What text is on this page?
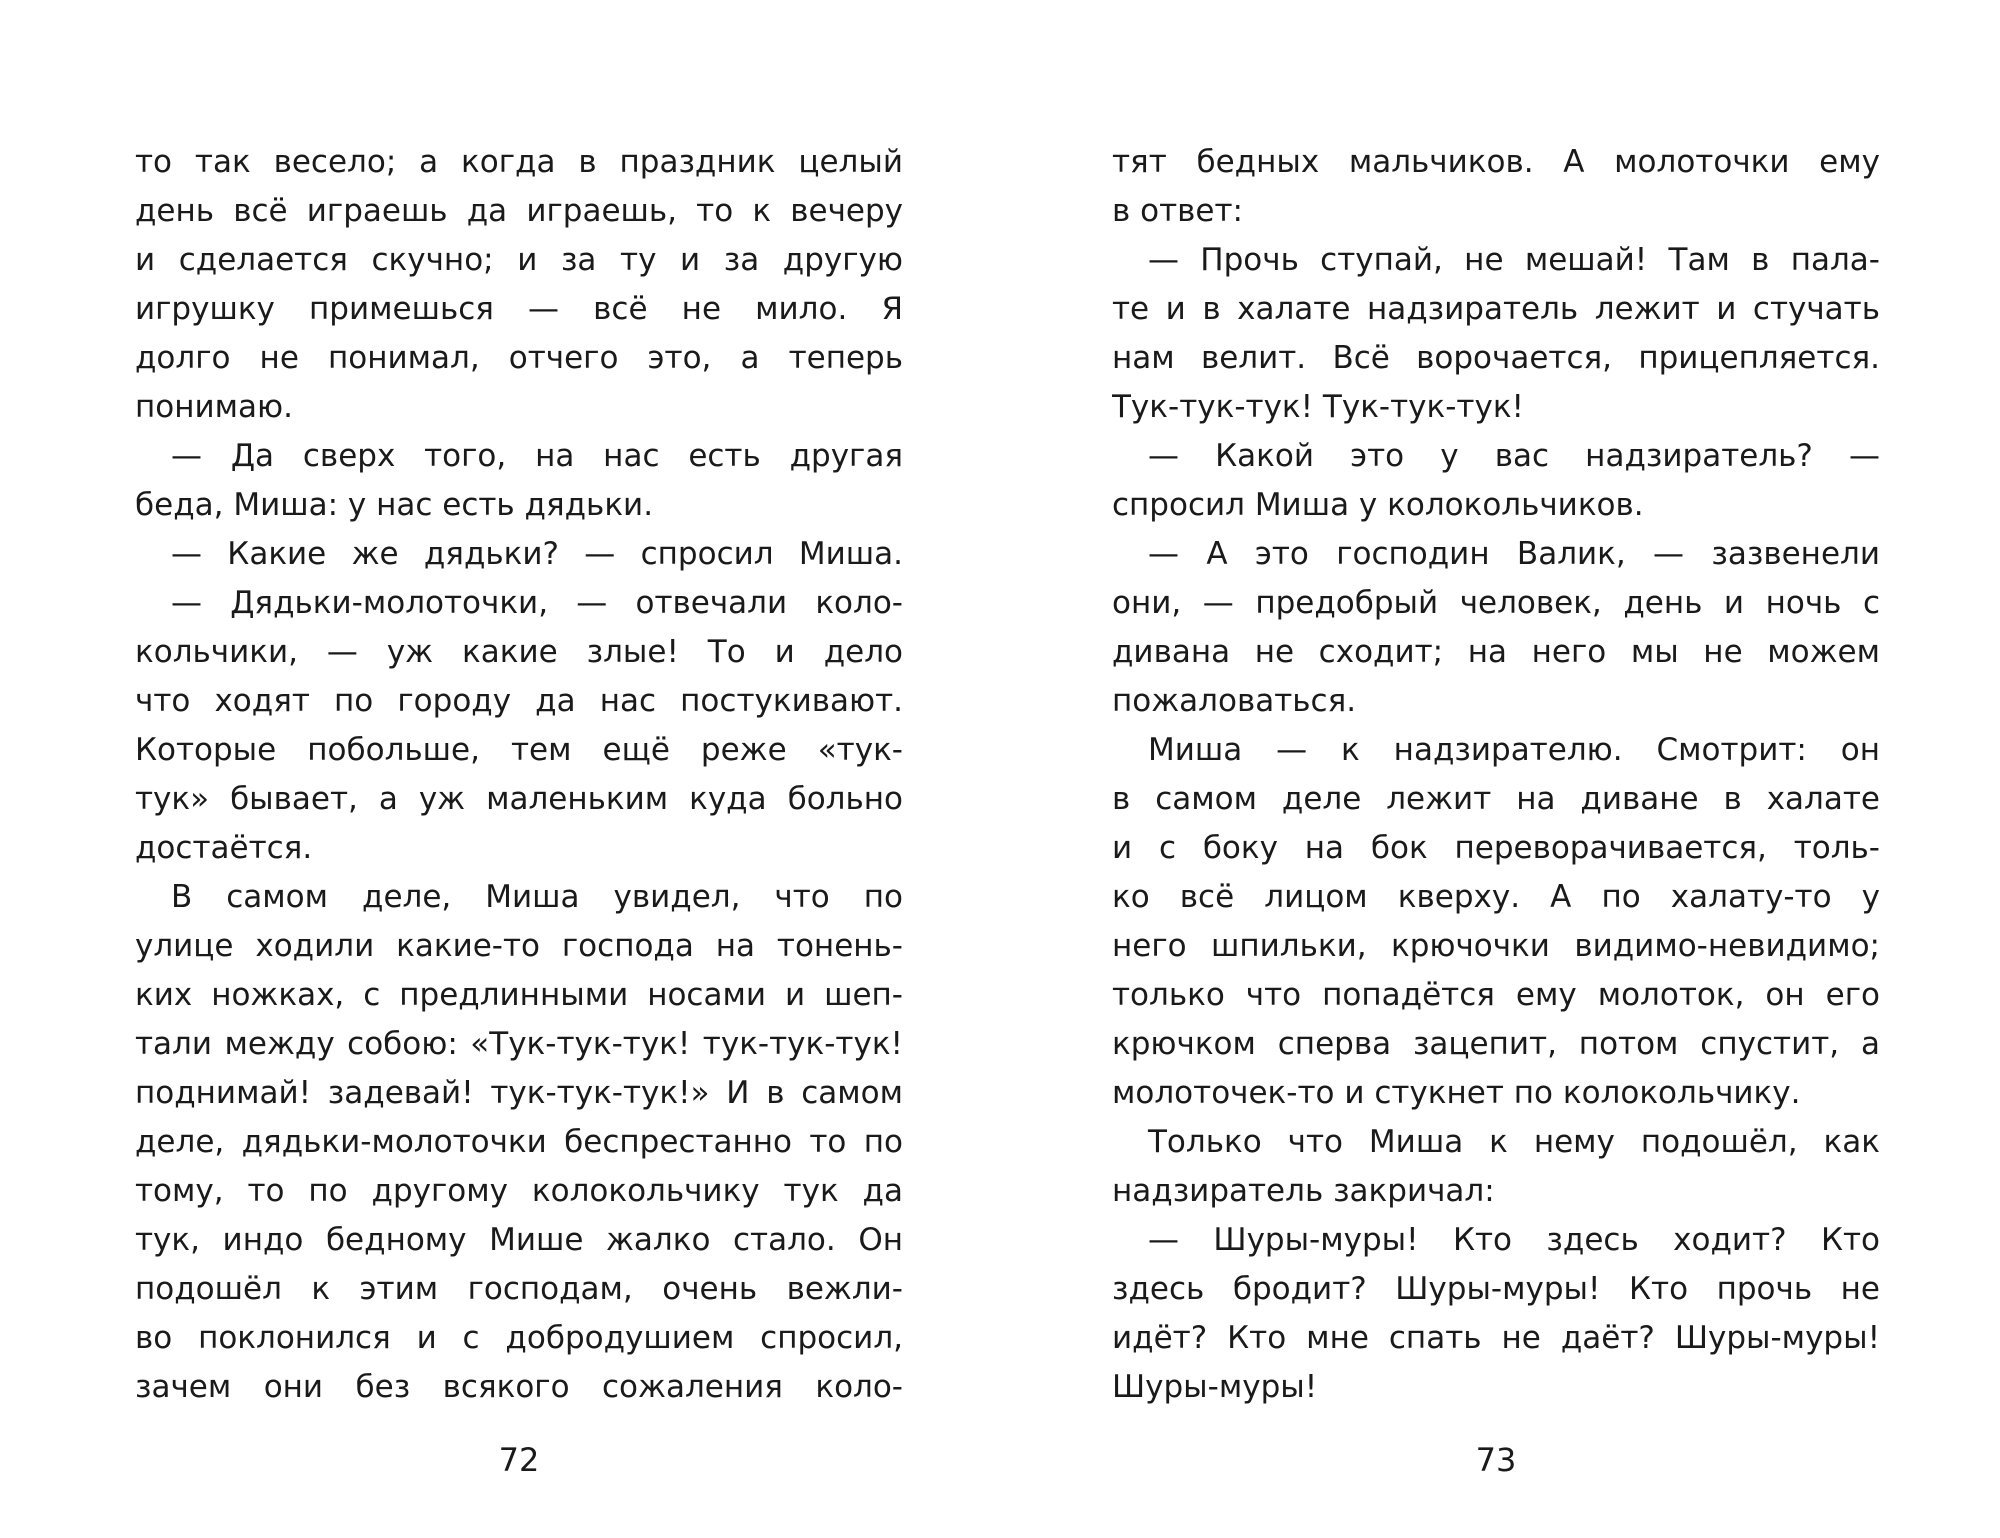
то так весело; а когда в праздник целый
день всё играешь да играешь, то к вечеру
и сделается скучно; и за ту и за другую
игрушку примешься — всё не мило. Я
долго не понимал, отчего это, а теперь
понимаю.
— Да сверх того, на нас есть другая
беда, Миша: у нас есть дядьки.
— Какие же дядьки? — спросил Миша.
— Дядьки-молоточки, — отвечали коло-
кольчики, — уж какие злые! То и дело
что ходят по городу да нас постукивают.
Которые побольше, тем ещё реже «тук-
тук» бывает, а уж маленьким куда больно
достаётся.
В самом деле, Миша увидел, что по
улице ходили какие-то господа на тонень-
ких ножках, с предлинными носами и шеп-
тали между собою: «Тук-тук-тук! тук-тук-тук!
поднимай! задевай! тук-тук-тук!» И в самом
деле, дядьки-молоточки беспрестанно то по
тому, то по другому колокольчику тук да
тук, индо бедному Мише жалко стало. Он
подошёл к этим господам, очень вежли-
во поклонился и с добродушием спросил,
зачем они без всякого сожаления коло-
тят бедных мальчиков. А молоточки ему
в ответ:
— Прочь ступай, не мешай! Там в пала-
те и в халате надзиратель лежит и стучать
нам велит. Всё ворочается, прицепляется.
Тук-тук-тук! Тук-тук-тук!
— Какой это у вас надзиратель? —
спросил Миша у колокольчиков.
— А это господин Валик, — зазвенели
они, — предобрый человек, день и ночь с
дивана не сходит; на него мы не можем
пожаловаться.
Миша — к надзирателю. Смотрит: он
в самом деле лежит на диване в халате
и с боку на бок переворачивается, толь-
ко всё лицом кверху. А по халату-то у
него шпильки, крючочки видимо-невидимо;
только что попадётся ему молоток, он его
крючком сперва зацепит, потом спустит, а
молоточек-то и стукнет по колокольчику.
Только что Миша к нему подошёл, как
надзиратель закричал:
— Шуры-муры! Кто здесь ходит? Кто
здесь бродит? Шуры-муры! Кто прочь не
идёт? Кто мне спать не даёт? Шуры-муры!
Шуры-муры!
72	73
